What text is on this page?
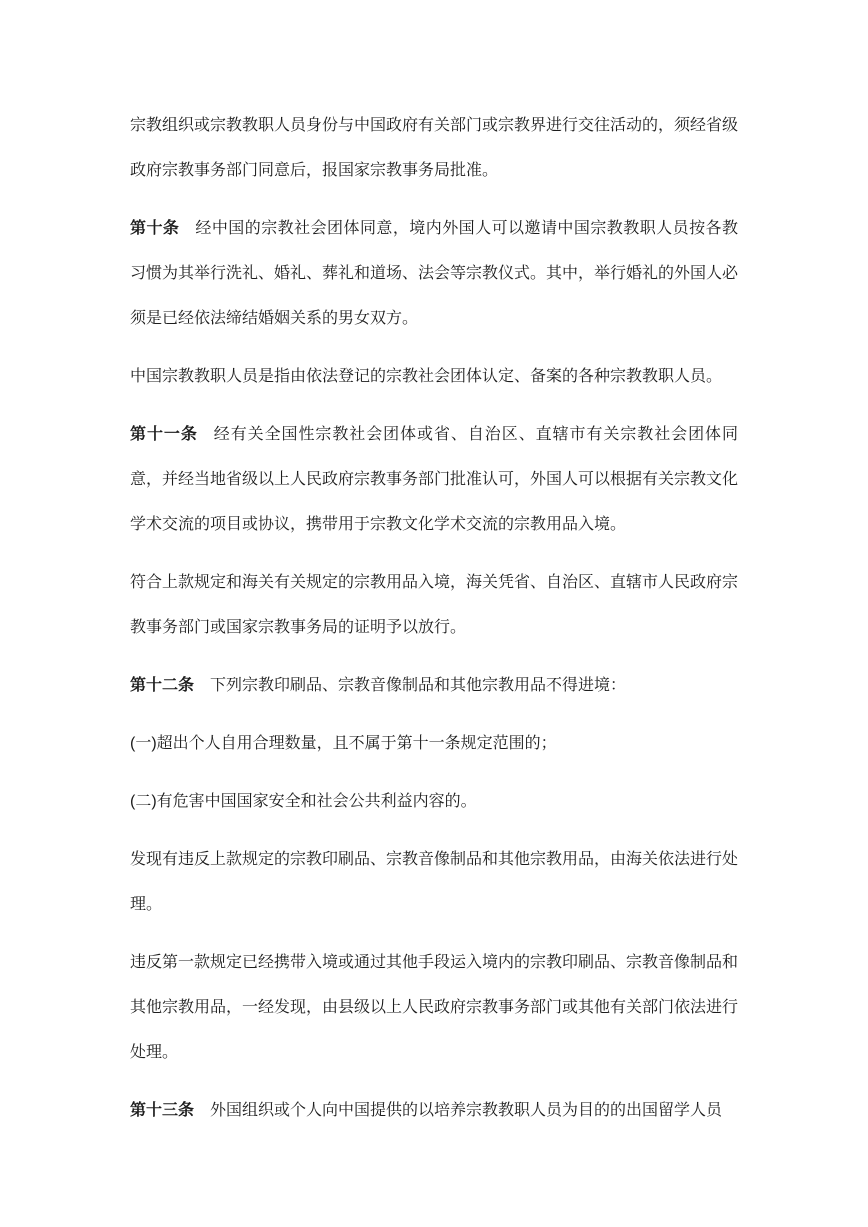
宗教组织或宗教教职人员身份与中国政府有关部门或宗教界进行交往活动的，须经省级政府宗教事务部门同意后，报国家宗教事务局批准。

第十条 经中国的宗教社会团体同意，境内外国人可以邀请中国宗教教职人员按各教习惯为其举行洗礼、婚礼、葬礼和道场、法会等宗教仪式。其中，举行婚礼的外国人必须是已经依法缔结婚姻关系的男女双方。

中国宗教教职人员是指由依法登记的宗教社会团体认定、备案的各种宗教教职人员。

第十一条 经有关全国性宗教社会团体或省、自治区、直辖市有关宗教社会团体同意，并经当地省级以上人民政府宗教事务部门批准认可，外国人可以根据有关宗教文化学术交流的项目或协议，携带用于宗教文化学术交流的宗教用品入境。

符合上款规定和海关有关规定的宗教用品入境，海关凭省、自治区、直辖市人民政府宗教事务部门或国家宗教事务局的证明予以放行。

第十二条 下列宗教印刷品、宗教音像制品和其他宗教用品不得进境：

(一)超出个人自用合理数量，且不属于第十一条规定范围的；

(二)有危害中国国家安全和社会公共利益内容的。

发现有违反上款规定的宗教印刷品、宗教音像制品和其他宗教用品，由海关依法进行处理。

违反第一款规定已经携带入境或通过其他手段运入境内的宗教印刷品、宗教音像制品和其他宗教用品，一经发现，由县级以上人民政府宗教事务部门或其他有关部门依法进行处理。

第十三条 外国组织或个人向中国提供的以培养宗教教职人员为目的的出国留学人员
